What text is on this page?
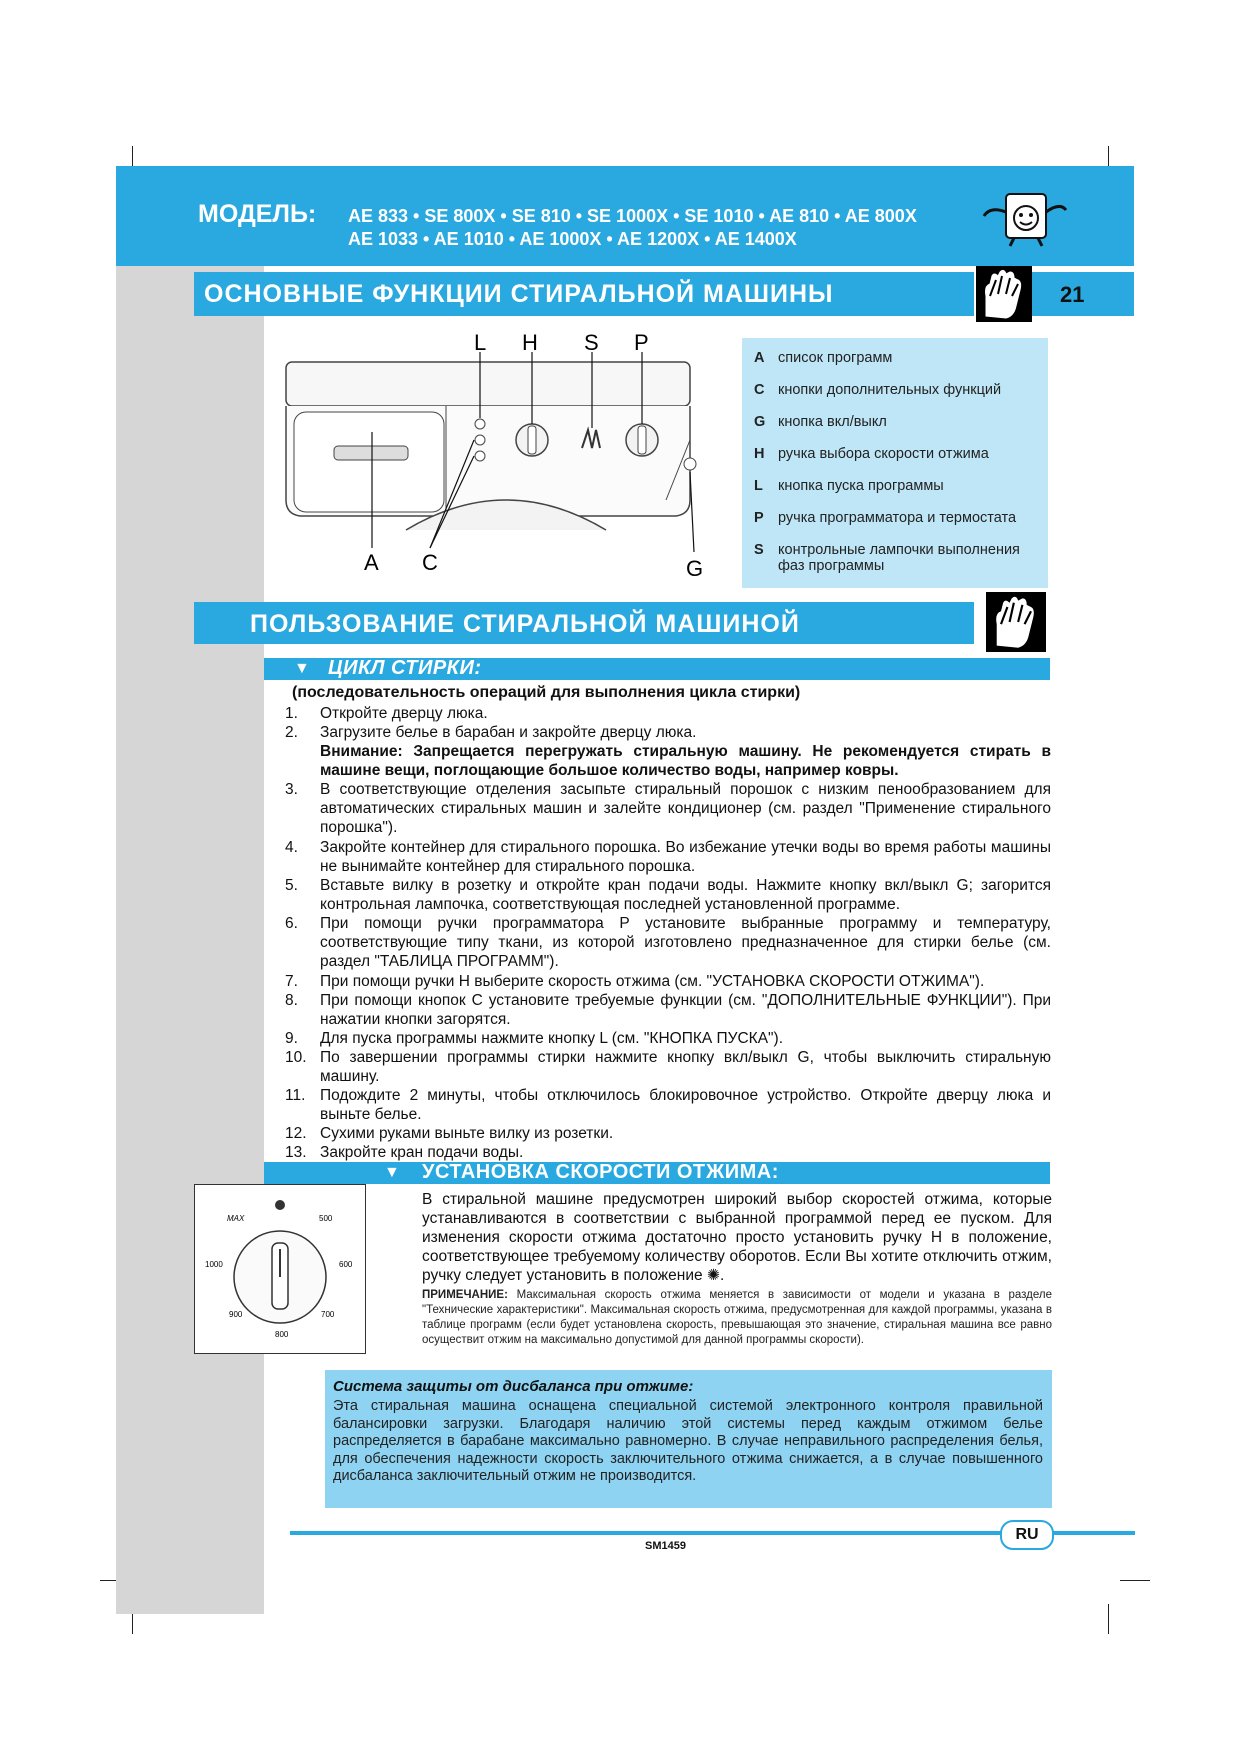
МОДЕЛЬ: AE 833 • SE 800X • SE 810 • SE 1000X • SE 1010 • AE 810 • AE 800X
AE 1033 • AE 1010 • AE 1000X • AE 1200X • AE 1400X
ОСНОВНЫЕ ФУНКЦИИ СТИРАЛЬНОЙ МАШИНЫ	21
L H S P
A C	G
A список программ
C кнопки дополнительных функций
G кнопка вкл/выкл
H ручка выбора скорости отжима
L кнопка пуска программы
P ручка программатора и термостата
S контрольные лампочки выполнения фаз программы
ПОЛЬЗОВАНИЕ СТИРАЛЬНОЙ МАШИНОЙ
▼ ЦИКЛ СТИРКИ:
(последовательность операций для выполнения цикла стирки)
1. Откройте дверцу люка.
2. Загрузите белье в барабан и закройте дверцу люка.
Внимание: Запрещается перегружать стиральную машину. Не рекомендуется стирать в машине вещи, поглощающие большое количество воды, например ковры.
3. В соответствующие отделения засыпьте стиральный порошок с низким пенообразованием для автоматических стиральных машин и залейте кондиционер (см. раздел "Применение стирального порошка").
4. Закройте контейнер для стирального порошка. Во избежание утечки воды во время работы машины не вынимайте контейнер для стирального порошка.
5. Вставьте вилку в розетку и откройте кран подачи воды. Нажмите кнопку вкл/выкл G; загорится контрольная лампочка, соответствующая последней установленной программе.
6. При помощи ручки программатора P установите выбранные программу и температуру, соответствующие типу ткани, из которой изготовлено предназначенное для стирки белье (см. раздел "ТАБЛИЦА ПРОГРАММ").
7. При помощи ручки H выберите скорость отжима (см. "УСТАНОВКА СКОРОСТИ ОТЖИМА").
8. При помощи кнопок C установите требуемые функции (см. "ДОПОЛНИТЕЛЬНЫЕ ФУНКЦИИ"). При нажатии кнопки загорятся.
9. Для пуска программы нажмите кнопку L (см. "КНОПКА ПУСКА").
10. По завершении программы стирки нажмите кнопку вкл/выкл G, чтобы выключить стиральную машину.
11. Подождите 2 минуты, чтобы отключилось блокировочное устройство. Откройте дверцу люка и выньте белье.
12. Сухими руками выньте вилку из розетки.
13. Закройте кран подачи воды.
▼ УСТАНОВКА СКОРОСТИ ОТЖИМА:
MAX	500
600
700
800
900
1000
В стиральной машине предусмотрен широкий выбор скоростей отжима, которые устанавливаются в соответствии с выбранной программой перед ее пуском. Для изменения скорости отжима достаточно просто установить ручку H в положение, соответствующее требуемому количеству оборотов. Если Вы хотите отключить отжим, ручку следует установить в положение ✺.
ПРИМЕЧАНИЕ: Максимальная скорость отжима меняется в зависимости от модели и указана в разделе "Технические характеристики". Максимальная скорость отжима, предусмотренная для каждой программы, указана в таблице программ (если будет установлена скорость, превышающая это значение, стиральная машина все равно осуществит отжим на максимально допустимой для данной программы скорости).
Система защиты от дисбаланса при отжиме:
Эта стиральная машина оснащена специальной системой электронного контроля правильной балансировки загрузки. Благодаря наличию этой системы перед каждым отжимом белье распределяется в барабане максимально равномерно. В случае неправильного распределения белья, для обеспечения надежности скорость заключительного отжима снижается, а в случае повышенного дисбаланса заключительный отжим не производится.
RU
SM1459
